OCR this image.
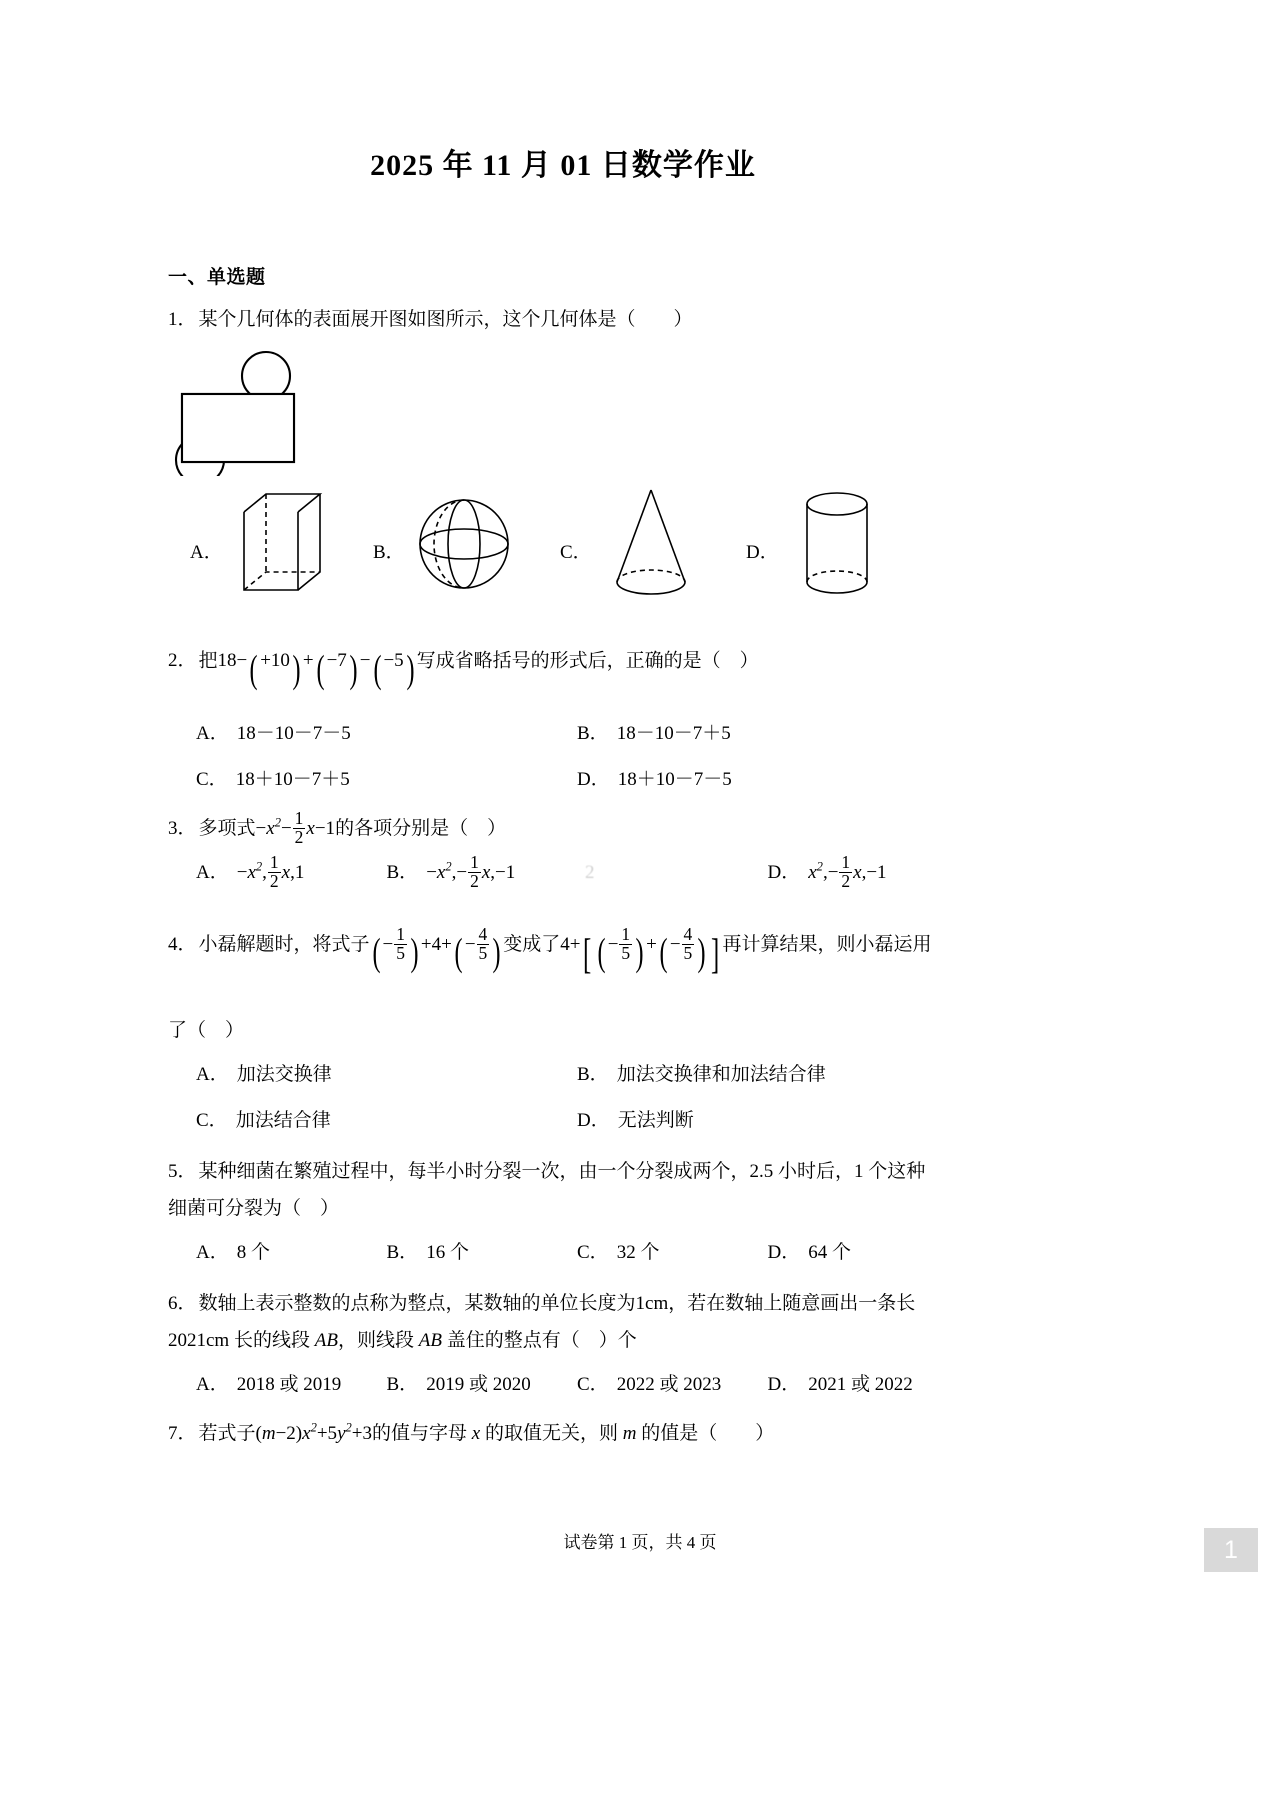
2025 年 11 月 01 日数学作业
一、单选题
1． 某个几何体的表面展开图如图所示，这个几何体是（　　）
A．	B．	C．	D．
2． 把18−( +10) +( −7) −( −5) 写成省略括号的形式后，正确的是（　）
A． 18－10－7－5	B． 18－10－7＋5
C． 18＋10－7＋5	D． 18＋10－7－5
3． 多项式$-x^2- \frac{1}{2} x-1$的各项分别是（　）
A． $-x^2$, $\frac{1}{2} x,1$	B． $-x^2,- \frac{1}{2} x,-1$	2	D． $x^2,- \frac{1}{2} x,-1$
4． 小磊解题时，将式子( − $\frac{1}{5}$ ) $+4+( - \frac{4}{5}$ ) 变成了4+[ ( − $\frac{1}{5}$ ) +( − $\frac{4}{5}$ ) ] 再计算结果，则小磊运用
了（　）
A． 加法交换律	B． 加法交换律和加法结合律
C． 加法结合律	D． 无法判断
5． 某种细菌在繁殖过程中，每半小时分裂一次，由一个分裂成两个，2.5 小时后，1 个这种
细菌可分裂为（　）
A． 8 个	B． 16 个	C． 32 个	D． 64 个
6． 数轴上表示整数的点称为整点，某数轴的单位长度为1cm，若在数轴上随意画出一条长
2021cm 长的线段 AB，则线段 AB 盖住的整点有（　）个
A． 2018 或 2019	B． 2019 或 2020	C． 2022 或 2023	D． 2021 或 2022
7． 若式子$(m-2)x^2+5y^2+3$的值与字母 x 的取值无关，则 m 的值是（　　）
试卷第 1 页，共 4 页	1
